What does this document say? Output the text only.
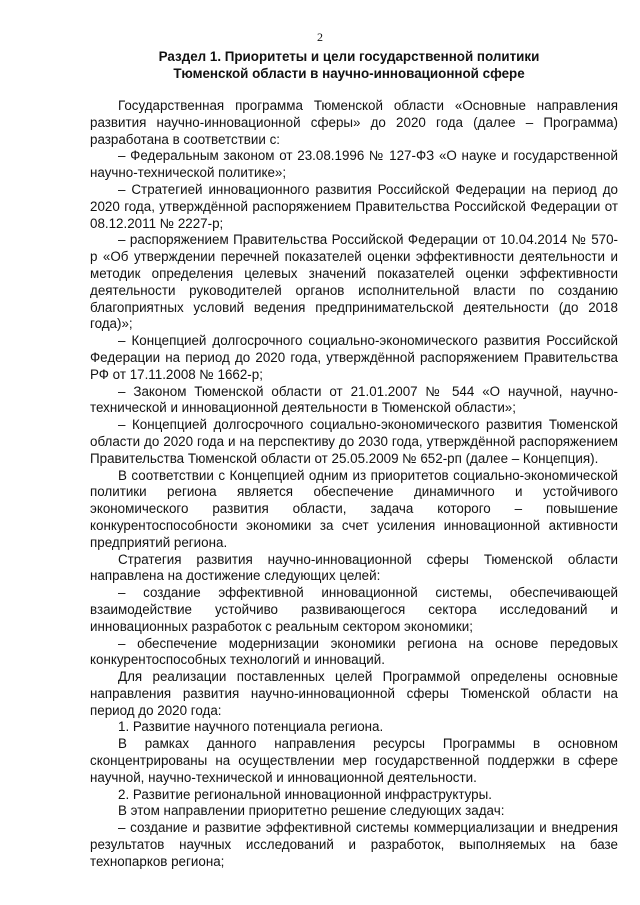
2
Раздел 1. Приоритеты и цели государственной политики
Тюменской области в научно-инновационной сфере

Государственная программа Тюменской области «Основные направления развития научно-инновационной сферы» до 2020 года (далее – Программа) разработана в соответствии с:

– Федеральным законом от 23.08.1996 № 127-ФЗ «О науке и государственной научно-технической политике»;

– Стратегией инновационного развития Российской Федерации на период до 2020 года, утверждённой распоряжением Правительства Российской Федерации от 08.12.2011 № 2227-р;

– распоряжением Правительства Российской Федерации от 10.04.2014 № 570-р «Об утверждении перечней показателей оценки эффективности деятельности и методик определения целевых значений показателей оценки эффективности деятельности руководителей органов исполнительной власти по созданию благоприятных условий ведения предпринимательской деятельности (до 2018 года)»;

– Концепцией долгосрочного социально-экономического развития Российской Федерации на период до 2020 года, утверждённой распоряжением Правительства РФ от 17.11.2008 № 1662-р;

– Законом Тюменской области от 21.01.2007 № 544 «О научной, научно-технической и инновационной деятельности в Тюменской области»;

– Концепцией долгосрочного социально-экономического развития Тюменской области до 2020 года и на перспективу до 2030 года, утверждённой распоряжением Правительства Тюменской области от 25.05.2009 № 652-рп (далее – Концепция).

В соответствии с Концепцией одним из приоритетов социально-экономической политики региона является обеспечение динамичного и устойчивого экономического развития области, задача которого – повышение конкурентоспособности экономики за счет усиления инновационной активности предприятий региона.

Стратегия развития научно-инновационной сферы Тюменской области направлена на достижение следующих целей:

– создание эффективной инновационной системы, обеспечивающей взаимодействие устойчиво развивающегося сектора исследований и инновационных разработок с реальным сектором экономики;

– обеспечение модернизации экономики региона на основе передовых конкурентоспособных технологий и инноваций.

Для реализации поставленных целей Программой определены основные направления развития научно-инновационной сферы Тюменской области на период до 2020 года:

1. Развитие научного потенциала региона.

В рамках данного направления ресурсы Программы в основном сконцентрированы на осуществлении мер государственной поддержки в сфере научной, научно-технической и инновационной деятельности.

2. Развитие региональной инновационной инфраструктуры.

В этом направлении приоритетно решение следующих задач:

– создание и развитие эффективной системы коммерциализации и внедрения результатов научных исследований и разработок, выполняемых на базе технопарков региона;
